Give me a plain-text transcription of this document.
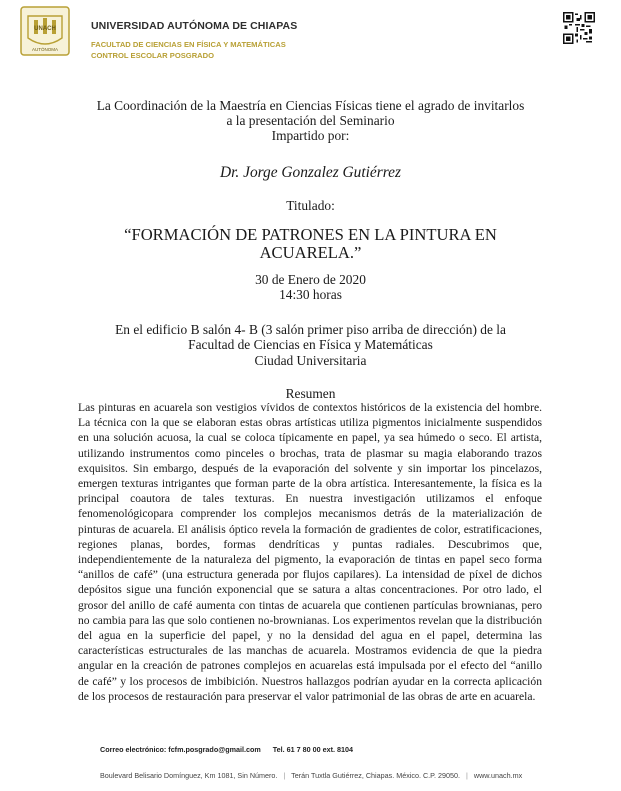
UNACH
AUTÓNOMA
UNIVERSIDAD AUTÓNOMA DE CHIAPAS
FACULTAD DE CIENCIAS EN FÍSICA Y MATEMÁTICAS
CONTROL ESCOLAR POSGRADO
La Coordinación de la Maestría en Ciencias Físicas tiene el agrado de invitarlos
a la presentación del Seminario
Impartido por:
Dr. Jorge Gonzalez Gutiérrez
Titulado:
“FORMACIÓN DE PATRONES EN LA PINTURA EN
ACUARELA.”
30 de Enero de 2020
14:30 horas
En el edificio B salón 4- B (3 salón primer piso arriba de dirección) de la
Facultad de Ciencias en Física y Matemáticas
Ciudad Universitaria
Resumen

Las pinturas en acuarela son vestigios vívidos de contextos históricos de la existencia del hombre. La técnica con la que se elaboran estas obras artísticas utiliza pigmentos inicialmente suspendidos en una solución acuosa, la cual se coloca típicamente en papel, ya sea húmedo o seco. El artista, utilizando instrumentos como pinceles o brochas, trata de plasmar su magia elaborando trazos exquisitos. Sin embargo, después de la evaporación del solvente y sin importar los pincelazos, emergen texturas intrigantes que forman parte de la obra artística. Interesantemente, la física es la principal coautora de tales texturas. En nuestra investigación utilizamos el enfoque fenomenológicopara comprender los complejos mecanismos detrás de la materialización de pinturas de acuarela. El análisis óptico revela la formación de gradientes de color, estratificaciones, regiones planas, bordes, formas dendríticas y puntas radiales. Descubrimos que, independientemente de la naturaleza del pigmento, la evaporación de tintas en papel seco forma “anillos de café” (una estructura generada por flujos capilares). La intensidad de píxel de dichos depósitos sigue una función exponencial que se satura a altas concentraciones. Por otro lado, el grosor del anillo de café aumenta con tintas de acuarela que contienen partículas brownianas, pero no cambia para las que solo contienen no-brownianas. Los experimentos revelan que la distribución del agua en la superficie del papel, y no la densidad del agua en el papel, determina las características estructurales de las manchas de acuarela. Mostramos evidencia de que la piedra angular en la creación de patrones complejos en acuarelas está impulsada por el efecto del “anillo de café” y los procesos de imbibición. Nuestros hallazgos podrían ayudar en la correcta aplicación de los procesos de restauración para preservar el valor patrimonial de las obras de arte en acuarela.

Correo electrónico: fcfm.posgrado@gmail.com Tel. 61 7 80 00 ext. 8104
Boulevard Belisario Domínguez, Km 1081, Sin Número. | Terán Tuxtla Gutiérrez, Chiapas. México. C.P. 29050. | www.unach.mx
